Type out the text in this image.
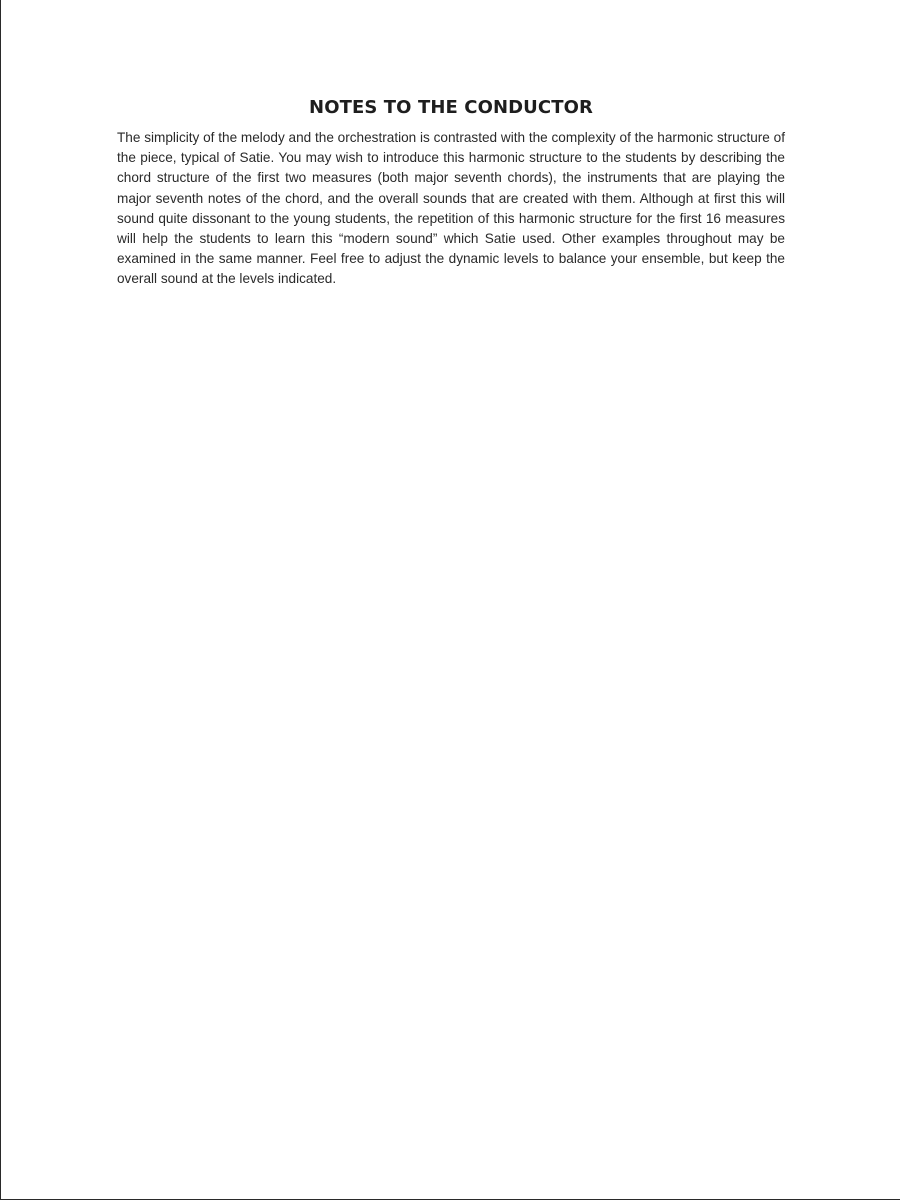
NOTES TO THE CONDUCTOR

The simplicity of the melody and the orchestration is contrasted with the complexity of the harmonic structure of the piece, typical of Satie. You may wish to introduce this harmonic structure to the students by describing the chord structure of the first two measures (both major seventh chords), the instruments that are playing the major seventh notes of the chord, and the overall sounds that are created with them. Although at first this will sound quite dissonant to the young students, the repetition of this harmonic structure for the first 16 measures will help the students to learn this “modern sound” which Satie used. Other examples throughout may be examined in the same manner. Feel free to adjust the dynamic levels to balance your ensemble, but keep the overall sound at the levels indicated.
